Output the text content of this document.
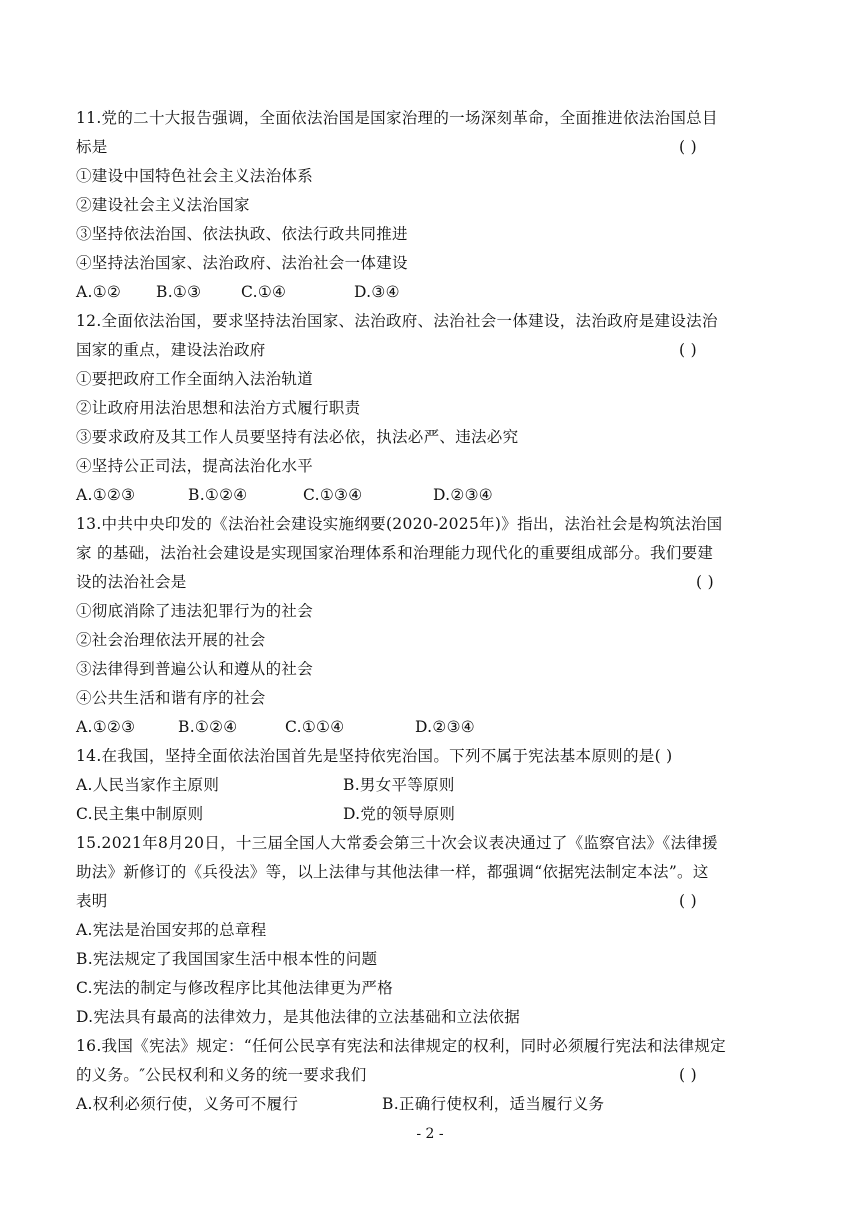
11.党的二十大报告强调，全面依法治国是国家治理的一场深刻革命，全面推进依法治国总目
标是	( )
①建设中国特色社会主义法治体系
②建设社会主义法治国家
③坚持依法治国、依法执政、依法行政共同推进
④坚持法治国家、法治政府、法治社会一体建设
A.①② B.①③	C.①④	D.③④
12.全面依法治国，要求坚持法治国家、法治政府、法治社会一体建设，法治政府是建设法治
国家的重点，建设法治政府	( )
①要把政府工作全面纳入法治轨道
②让政府用法治思想和法治方式履行职责
③要求政府及其工作人员要坚持有法必依，执法必严、违法必究
④坚持公正司法，提高法治化水平
A.①②③	B.①②④	C.①③④	D.②③④
13.中共中央印发的《法治社会建设实施纲要(2020-2025年)》指出，法治社会是构筑法治国
家 的基础，法治社会建设是实现国家治理体系和治理能力现代化的重要组成部分。我们要建
设的法治社会是	( )
①彻底消除了违法犯罪行为的社会
②社会治理依法开展的社会
③法律得到普遍公认和遵从的社会
④公共生活和谐有序的社会
A.①②③	B.①②④	C.①①④	D.②③④
14.在我国，坚持全面依法治国首先是坚持依宪治国。下列不属于宪法基本原则的是( )
A.人民当家作主原则	B.男女平等原则
C.民主集中制原则	D.党的领导原则
15.2021年8月20日，十三届全国人大常委会第三十次会议表决通过了《监察官法》《法律援
助法》新修订的《兵役法》等，以上法律与其他法律一样，都强调“依据宪法制定本法”。这
表明	( )
A.宪法是治国安邦的总章程
B.宪法规定了我国国家生活中根本性的问题
C.宪法的制定与修改程序比其他法律更为严格
D.宪法具有最高的法律效力，是其他法律的立法基础和立法依据
16.我国《宪法》规定：“任何公民享有宪法和法律规定的权利，同时必须履行宪法和法律规定
的义务。″公民权利和义务的统一要求我们	( )
A.权利必须行使，义务可不履行	B.正确行使权利，适当履行义务
- 2 -
